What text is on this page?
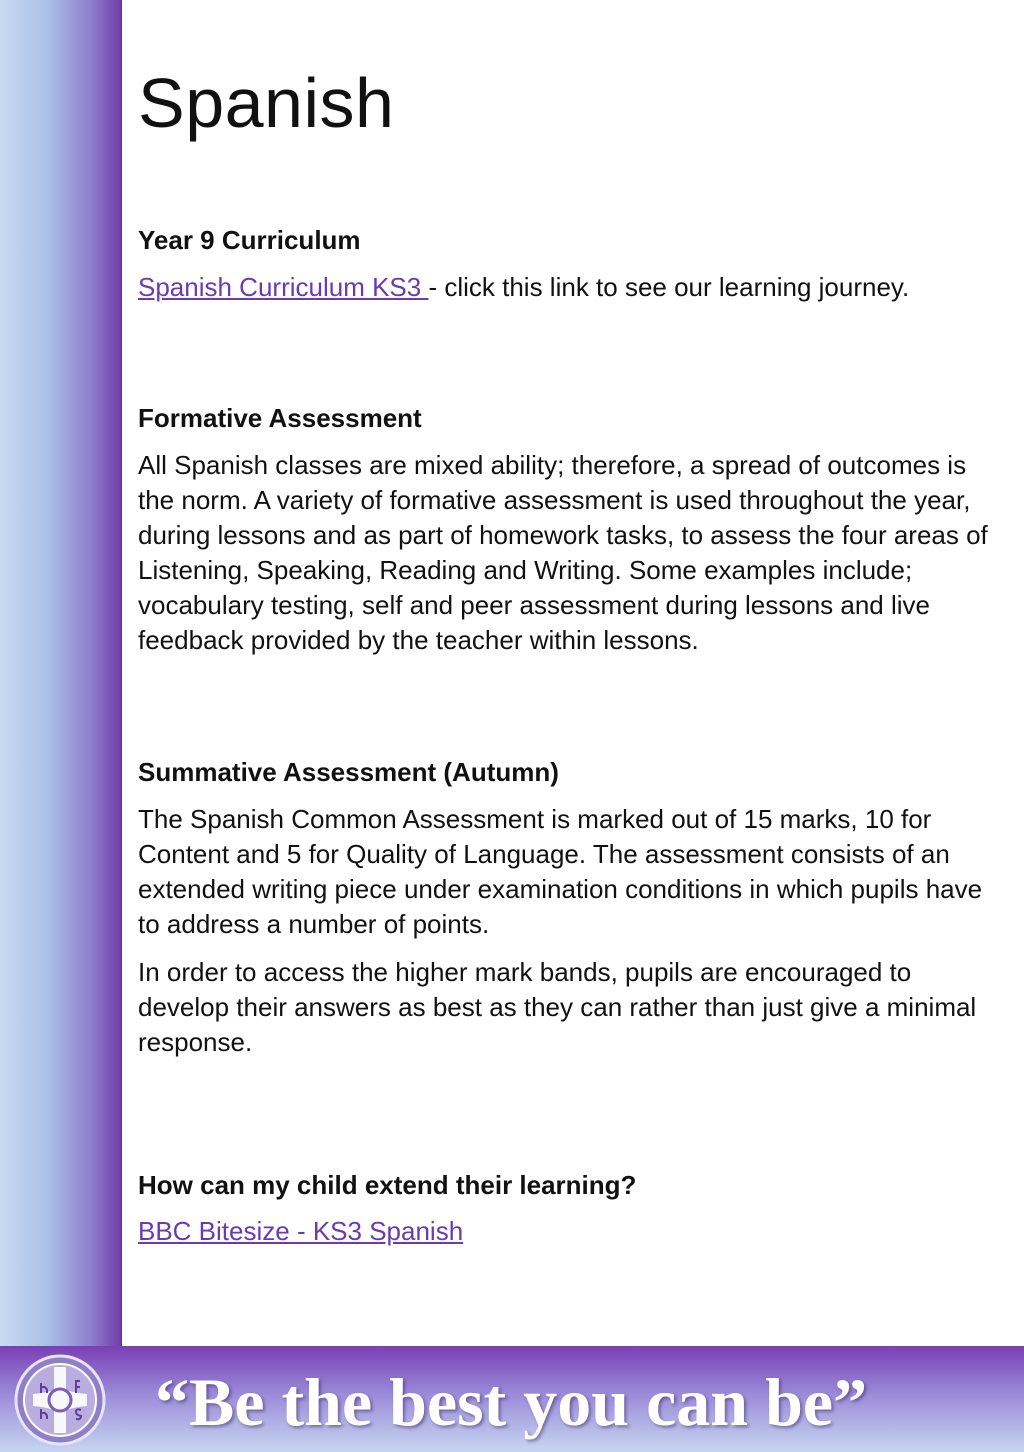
Spanish
Year 9 Curriculum

Spanish Curriculum KS3 - click this link to see our learning journey.

Formative Assessment

All Spanish classes are mixed ability; therefore, a spread of outcomes is the norm. A variety of formative assessment is used throughout the year, during lessons and as part of homework tasks, to assess the four areas of Listening, Speaking, Reading and Writing. Some examples include; vocabulary testing, self and peer assessment during lessons and live feedback provided by the teacher within lessons.

Summative Assessment (Autumn)

The Spanish Common Assessment is marked out of 15 marks, 10 for Content and 5 for Quality of Language. The assessment consists of an extended writing piece under examination conditions in which pupils have to address a number of points.

In order to access the higher mark bands, pupils are encouraged to develop their answers as best as they can rather than just give a minimal response.

How can my child extend their learning?

BBC Bitesize - KS3 Spanish

“Be the best you can be”
